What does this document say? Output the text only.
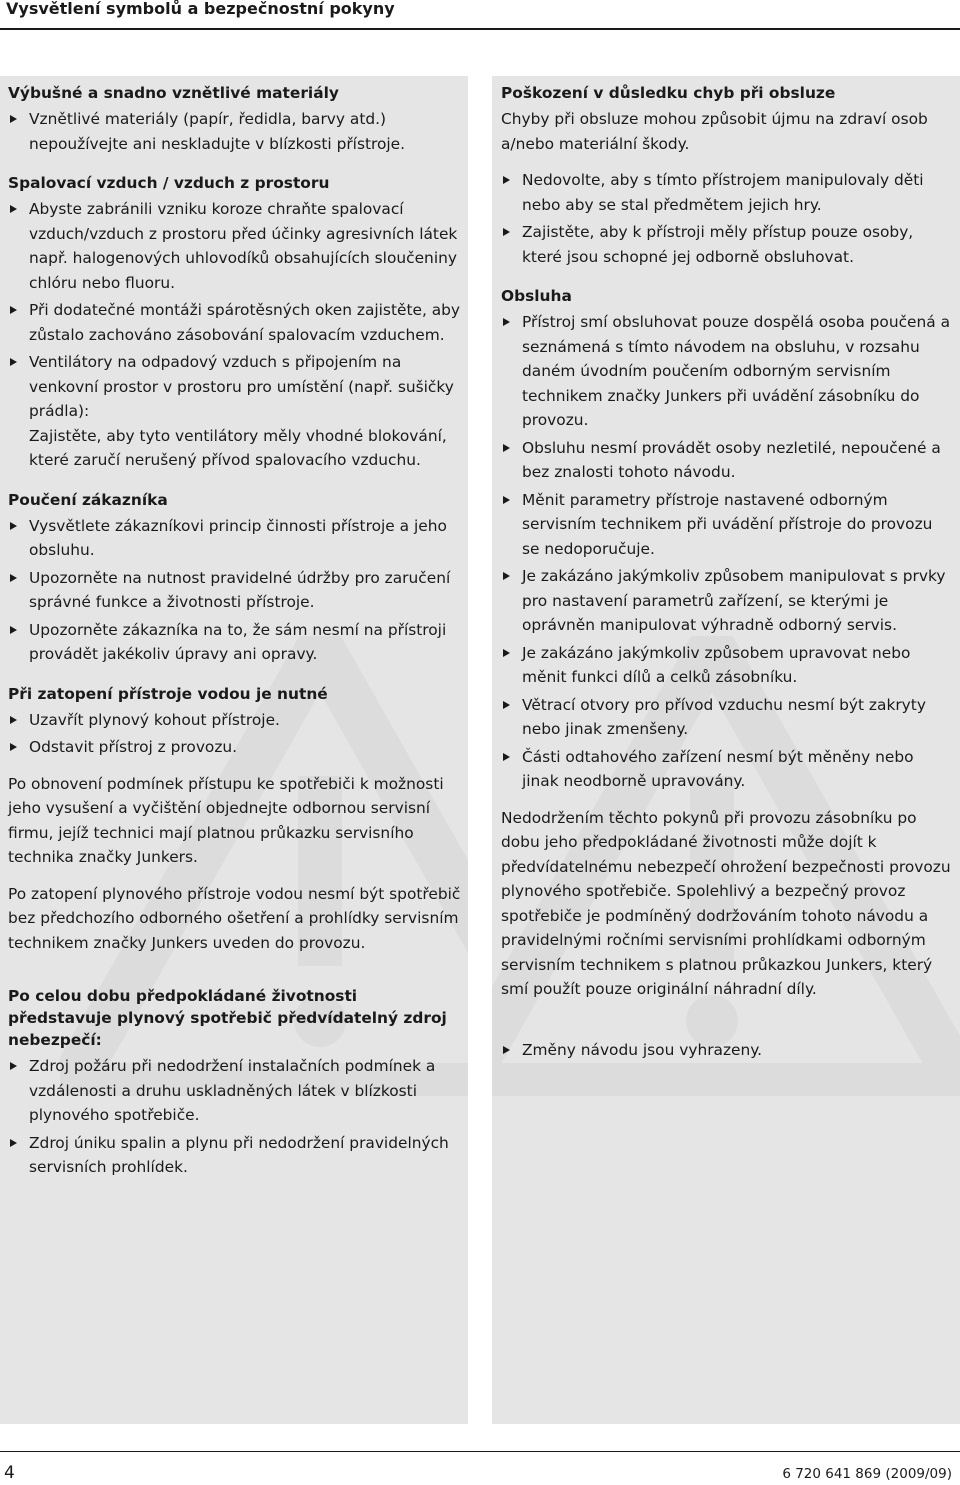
Vysvětlení symbolů a bezpečnostní pokyny
Výbušné a snadno vznětlivé materiály
Vznětlivé materiály (papír, ředidla, barvy atd.) nepoužívejte ani neskladujte v blízkosti přístroje.
Spalovací vzduch / vzduch z prostoru
Abyste zabránili vzniku koroze chraňte spalovací vzduch/vzduch z prostoru před účinky agresivních látek např. halogenových uhlovodíků obsahujících sloučeniny chlóru nebo fluoru.
Při dodatečné montáži spárotěsných oken zajistěte, aby zůstalo zachováno zásobování spalovacím vzduchem.
Ventilátory na odpadový vzduch s připojením na venkovní prostor v prostoru pro umístění (např. sušičky prádla):
Zajistěte, aby tyto ventilátory měly vhodné blokování, které zaručí nerušený přívod spalovacího vzduchu.
Poučení zákazníka
Vysvětlete zákazníkovi princip činnosti přístroje a jeho obsluhu.
Upozorněte na nutnost pravidelné údržby pro zaručení správné funkce a životnosti přístroje.
Upozorněte zákazníka na to, že sám nesmí na přístroji provádět jakékoliv úpravy ani opravy.
Při zatopení přístroje vodou je nutné
Uzavřít plynový kohout přístroje.
Odstavit přístroj z provozu.

Po obnovení podmínek přístupu ke spotřebiči k možnosti jeho vysušení a vyčištění objednejte odbornou servisní firmu, jejíž technici mají platnou průkazku servisního technika značky Junkers.

Po zatopení plynového přístroje vodou nesmí být spotřebič bez předchozího odborného ošetření a prohlídky servisním technikem značky Junkers uveden do provozu.

Po celou dobu předpokládané životnosti představuje plynový spotřebič předvídatelný zdroj nebezpečí:
Zdroj požáru při nedodržení instalačních podmínek a vzdálenosti a druhu uskladněných látek v blízkosti plynového spotřebiče.
Zdroj úniku spalin a plynu při nedodržení pravidelných servisních prohlídek.
Poškození v důsledku chyb při obsluze

Chyby při obsluze mohou způsobit újmu na zdraví osob a/nebo materiální škody.

Nedovolte, aby s tímto přístrojem manipulovaly děti nebo aby se stal předmětem jejich hry.
Zajistěte, aby k přístroji měly přístup pouze osoby, které jsou schopné jej odborně obsluhovat.
Obsluha
Přístroj smí obsluhovat pouze dospělá osoba poučená a seznámená s tímto návodem na obsluhu, v rozsahu daném úvodním poučením odborným servisním technikem značky Junkers při uvádění zásobníku do provozu.
Obsluhu nesmí provádět osoby nezletilé, nepoučené a bez znalosti tohoto návodu.
Měnit parametry přístroje nastavené odborným servisním technikem při uvádění přístroje do provozu se nedoporučuje.
Je zakázáno jakýmkoliv způsobem manipulovat s prvky pro nastavení parametrů zařízení, se kterými je oprávněn manipulovat výhradně odborný servis.
Je zakázáno jakýmkoliv způsobem upravovat nebo měnit funkci dílů a celků zásobníku.
Větrací otvory pro přívod vzduchu nesmí být zakryty nebo jinak zmenšeny.
Části odtahového zařízení nesmí být měněny nebo jinak neodborně upravovány.

Nedodržením těchto pokynů při provozu zásobníku po dobu jeho předpokládané životnosti může dojít k předvídatelnému nebezpečí ohrožení bezpečnosti provozu plynového spotřebiče. Spolehlivý a bezpečný provoz spotřebiče je podmíněný dodržováním tohoto návodu a pravidelnými ročními servisními prohlídkami odborným servisním technikem s platnou průkazkou Junkers, který smí použít pouze originální náhradní díly.

Změny návodu jsou vyhrazeny.
4	6 720 641 869 (2009/09)
